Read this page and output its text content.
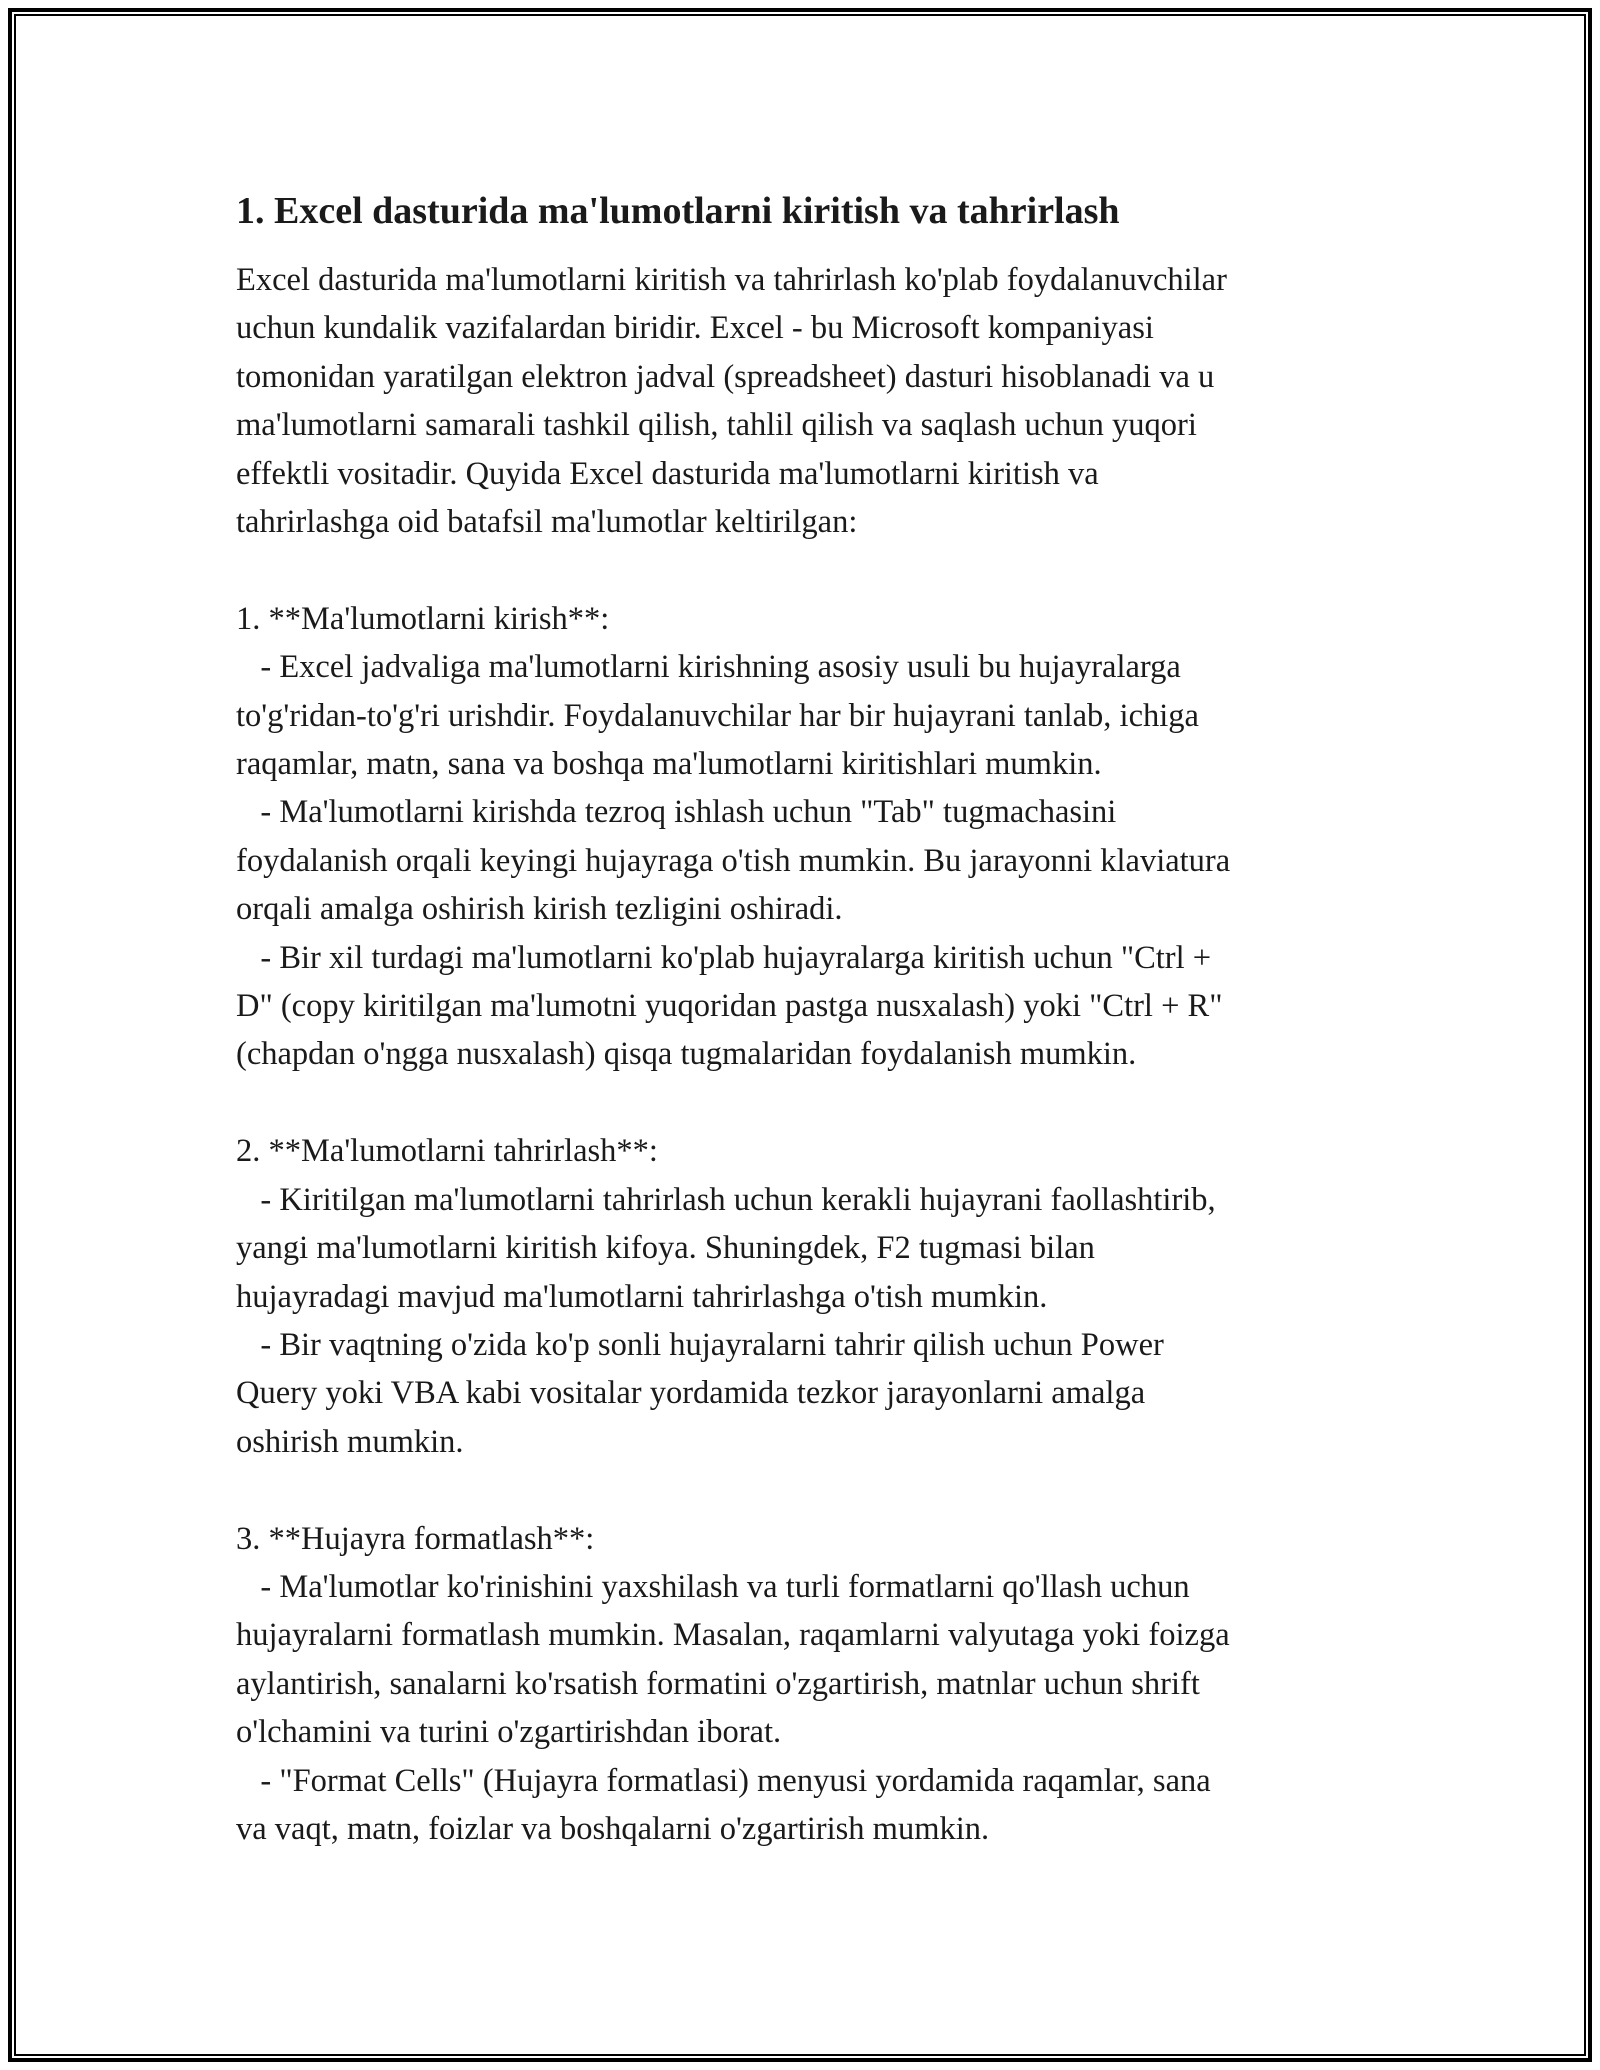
1. Excel dasturida ma'lumotlarni kiritish va tahrirlash
Excel dasturida ma'lumotlarni kiritish va tahrirlash ko'plab foydalanuvchilar
uchun kundalik vazifalardan biridir. Excel - bu Microsoft kompaniyasi
tomonidan yaratilgan elektron jadval (spreadsheet) dasturi hisoblanadi va u
ma'lumotlarni samarali tashkil qilish, tahlil qilish va saqlash uchun yuqori
effektli vositadir. Quyida Excel dasturida ma'lumotlarni kiritish va
tahrirlashga oid batafsil ma'lumotlar keltirilgan:
1. **Ma'lumotlarni kirish**:
- Excel jadvaliga ma'lumotlarni kirishning asosiy usuli bu hujayralarga
to'g'ridan-to'g'ri urishdir. Foydalanuvchilar har bir hujayrani tanlab, ichiga
raqamlar, matn, sana va boshqa ma'lumotlarni kiritishlari mumkin.
- Ma'lumotlarni kirishda tezroq ishlash uchun "Tab" tugmachasini
foydalanish orqali keyingi hujayraga o'tish mumkin. Bu jarayonni klaviatura
orqali amalga oshirish kirish tezligini oshiradi.
- Bir xil turdagi ma'lumotlarni ko'plab hujayralarga kiritish uchun "Ctrl +
D" (copy kiritilgan ma'lumotni yuqoridan pastga nusxalash) yoki "Ctrl + R"
(chapdan o'ngga nusxalash) qisqa tugmalaridan foydalanish mumkin.
2. **Ma'lumotlarni tahrirlash**:
- Kiritilgan ma'lumotlarni tahrirlash uchun kerakli hujayrani faollashtirib,
yangi ma'lumotlarni kiritish kifoya. Shuningdek, F2 tugmasi bilan
hujayradagi mavjud ma'lumotlarni tahrirlashga o'tish mumkin.
- Bir vaqtning o'zida ko'p sonli hujayralarni tahrir qilish uchun Power
Query yoki VBA kabi vositalar yordamida tezkor jarayonlarni amalga
oshirish mumkin.
3. **Hujayra formatlash**:
- Ma'lumotlar ko'rinishini yaxshilash va turli formatlarni qo'llash uchun
hujayralarni formatlash mumkin. Masalan, raqamlarni valyutaga yoki foizga
aylantirish, sanalarni ko'rsatish formatini o'zgartirish, matnlar uchun shrift
o'lchamini va turini o'zgartirishdan iborat.
- "Format Cells" (Hujayra formatlasi) menyusi yordamida raqamlar, sana
va vaqt, matn, foizlar va boshqalarni o'zgartirish mumkin.
